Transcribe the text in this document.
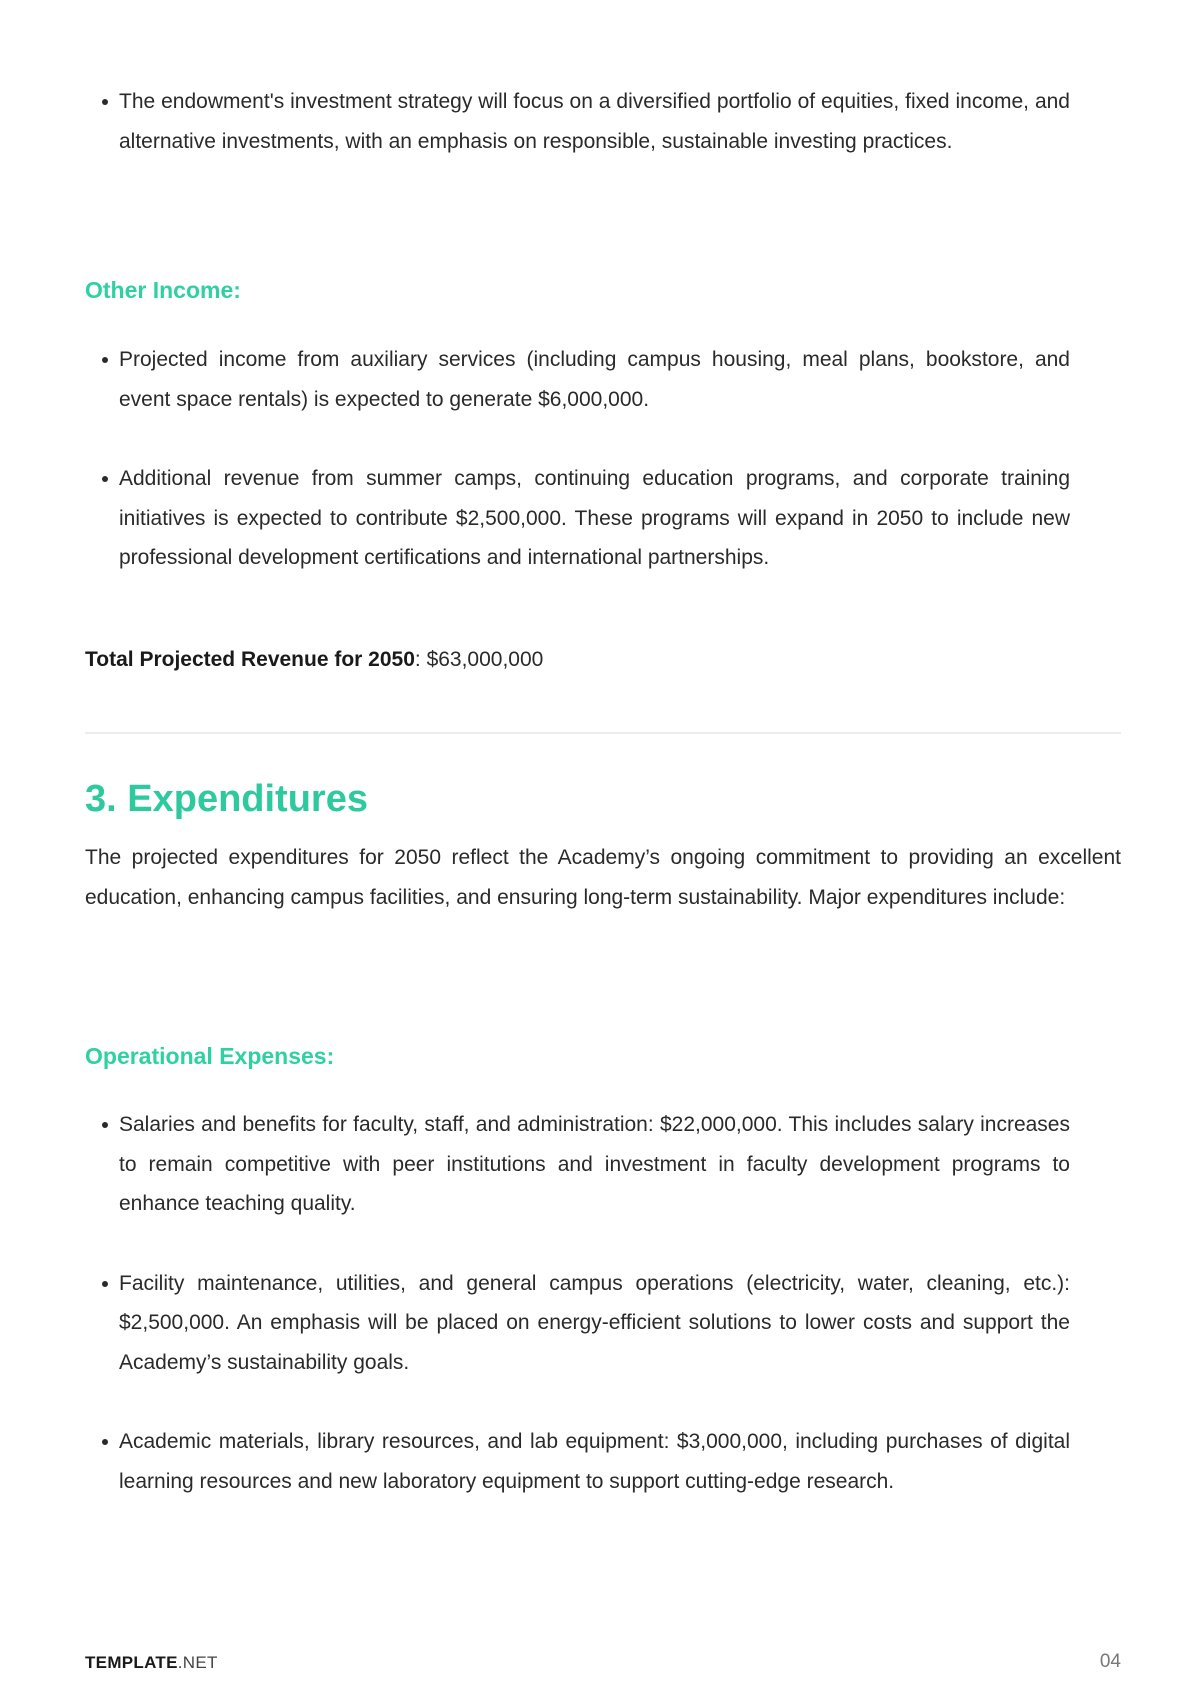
The endowment's investment strategy will focus on a diversified portfolio of equities, fixed income, and alternative investments, with an emphasis on responsible, sustainable investing practices.
Other Income:
Projected income from auxiliary services (including campus housing, meal plans, bookstore, and event space rentals) is expected to generate $6,000,000.
Additional revenue from summer camps, continuing education programs, and corporate training initiatives is expected to contribute $2,500,000. These programs will expand in 2050 to include new professional development certifications and international partnerships.

Total Projected Revenue for 2050: $63,000,000

3. Expenditures

The projected expenditures for 2050 reflect the Academy’s ongoing commitment to providing an excellent education, enhancing campus facilities, and ensuring long-term sustainability. Major expenditures include:

Operational Expenses:
Salaries and benefits for faculty, staff, and administration: $22,000,000. This includes salary increases to remain competitive with peer institutions and investment in faculty development programs to enhance teaching quality.
Facility maintenance, utilities, and general campus operations (electricity, water, cleaning, etc.): $2,500,000. An emphasis will be placed on energy-efficient solutions to lower costs and support the Academy’s sustainability goals.
Academic materials, library resources, and lab equipment: $3,000,000, including purchases of digital learning resources and new laboratory equipment to support cutting-edge research.
TEMPLATE.NET	04
